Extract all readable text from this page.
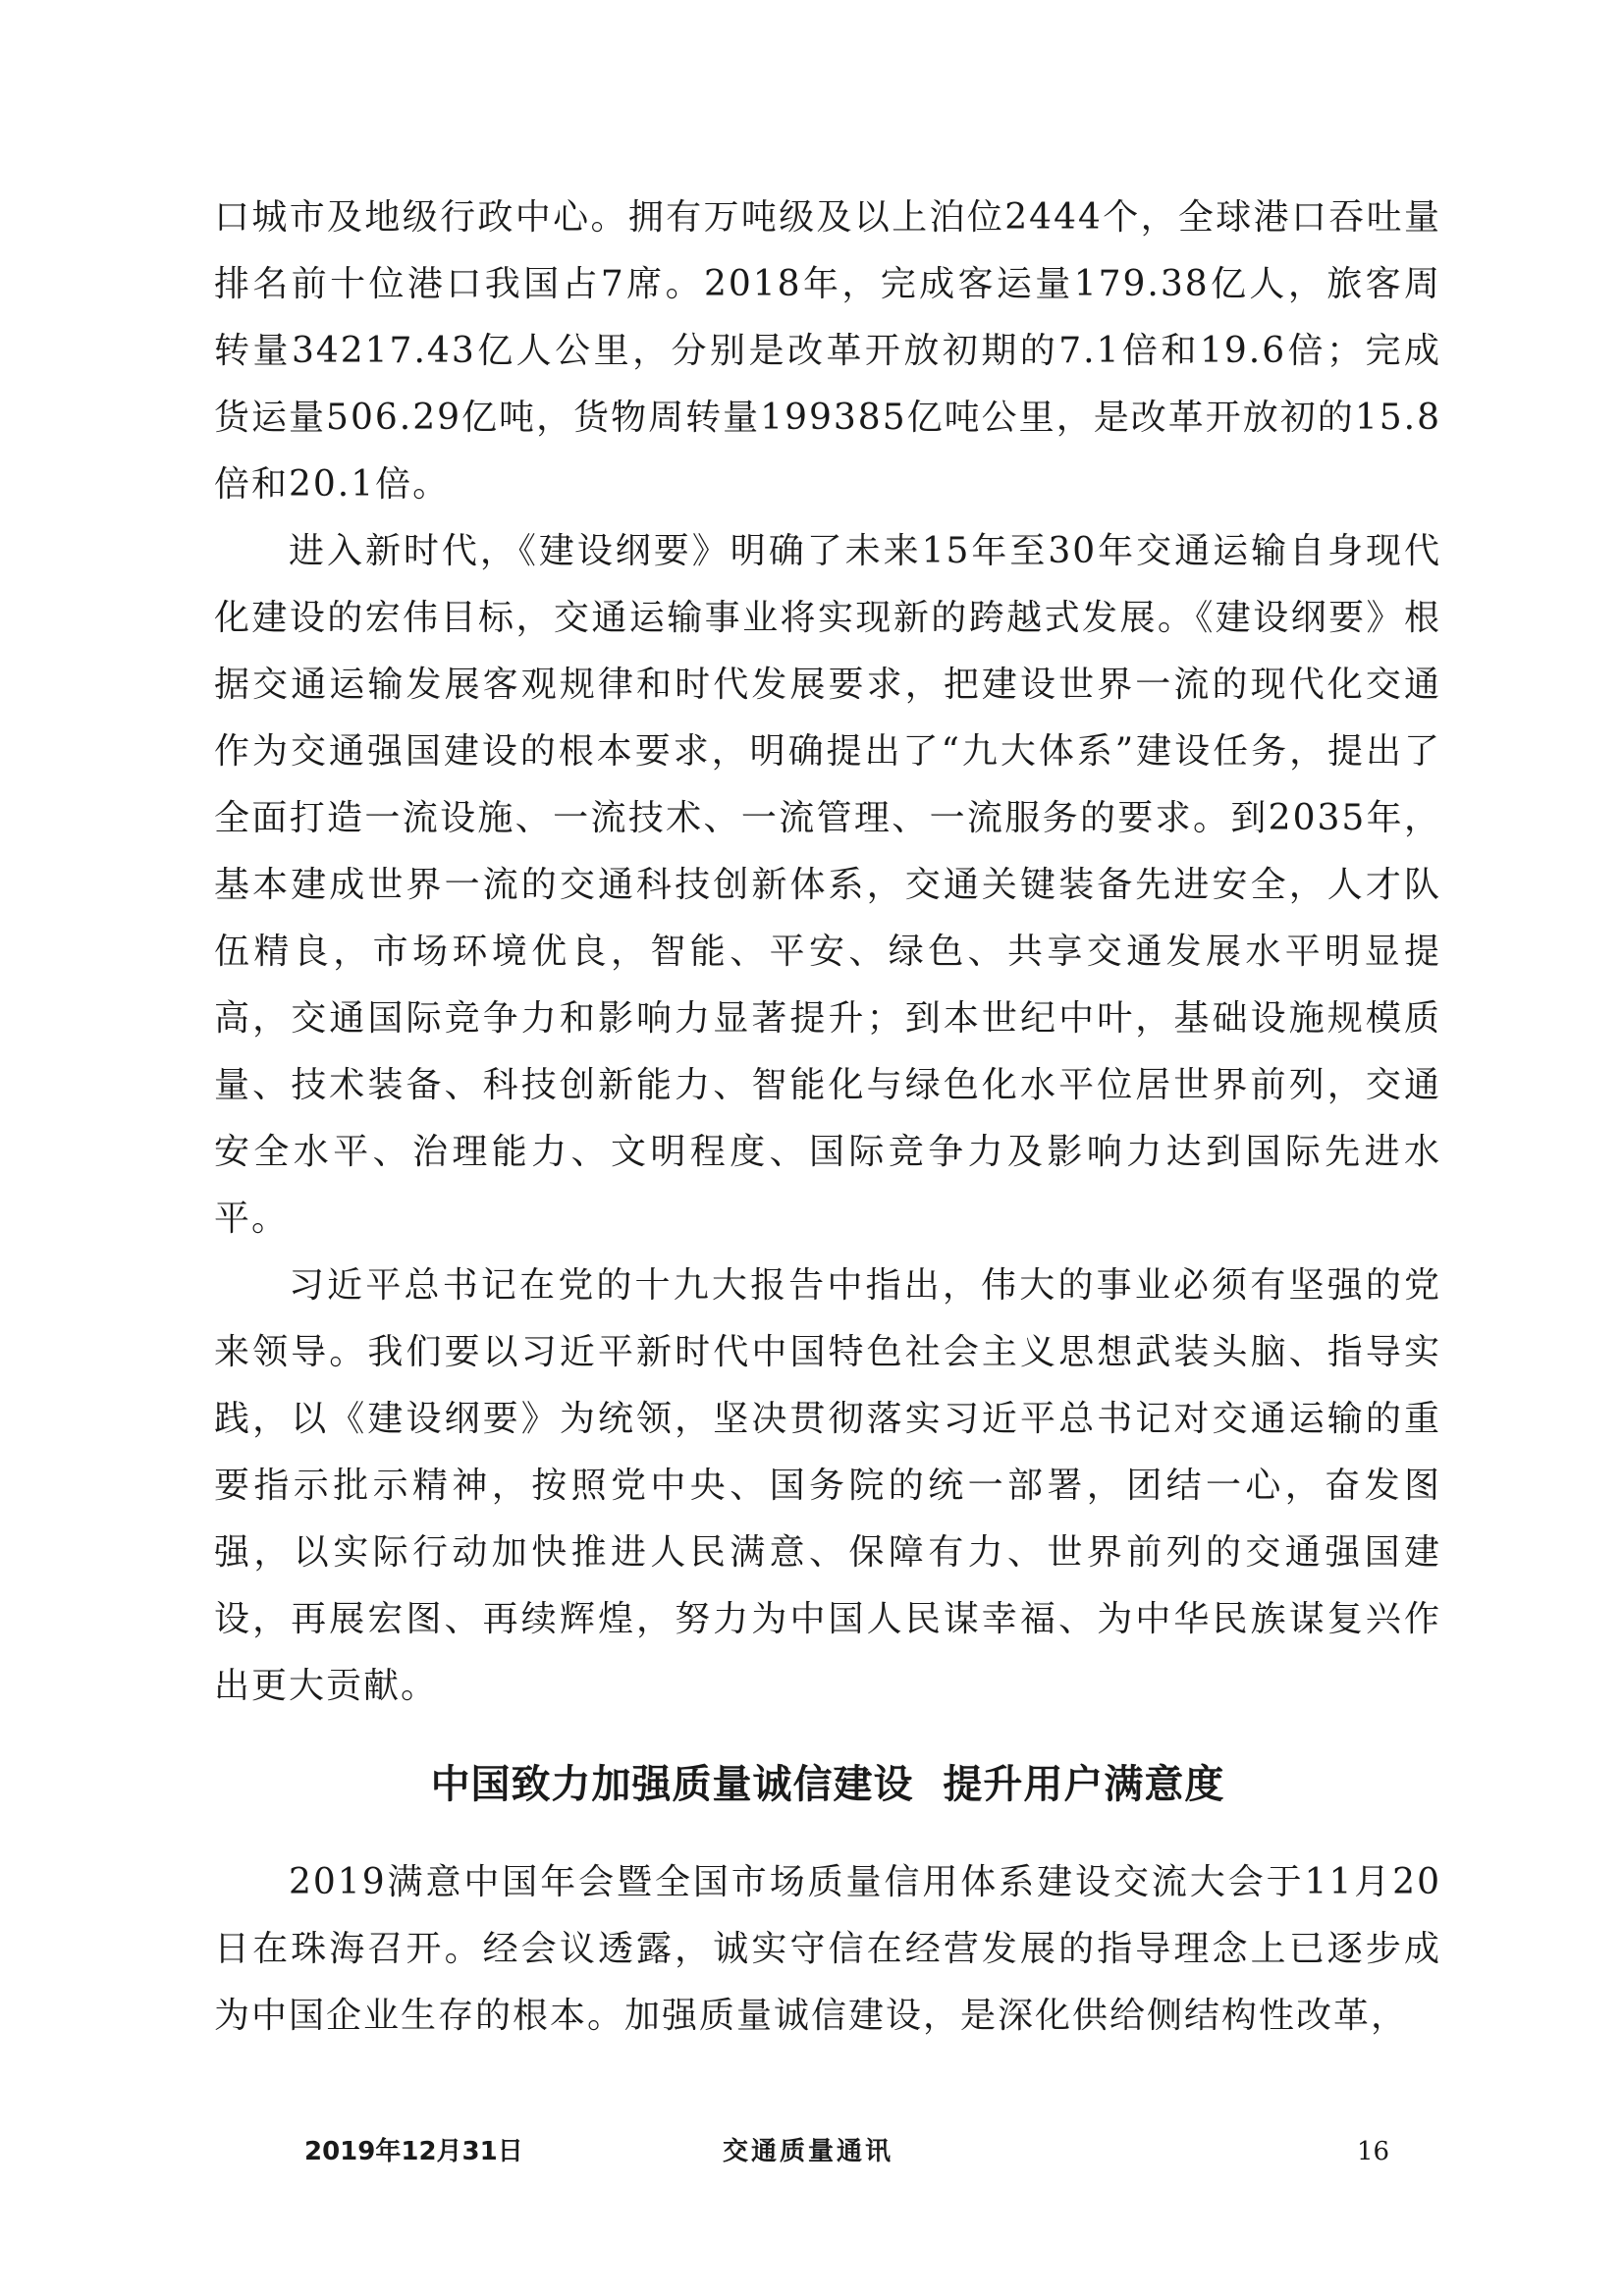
口城市及地级行政中心。拥有万吨级及以上泊位2444个，全球港口吞吐量排名前十位港口我国占7席。2018年，完成客运量179.38亿人，旅客周转量34217.43亿人公里，分别是改革开放初期的7.1倍和19.6倍；完成货运量506.29亿吨，货物周转量199385亿吨公里，是改革开放初的15.8倍和20.1倍。

进入新时代，《建设纲要》明确了未来15年至30年交通运输自身现代化建设的宏伟目标，交通运输事业将实现新的跨越式发展。《建设纲要》根据交通运输发展客观规律和时代发展要求，把建设世界一流的现代化交通作为交通强国建设的根本要求，明确提出了“九大体系”建设任务，提出了全面打造一流设施、一流技术、一流管理、一流服务的要求。到2035年，基本建成世界一流的交通科技创新体系，交通关键装备先进安全，人才队伍精良，市场环境优良，智能、平安、绿色、共享交通发展水平明显提高，交通国际竞争力和影响力显著提升；到本世纪中叶，基础设施规模质量、技术装备、科技创新能力、智能化与绿色化水平位居世界前列，交通安全水平、治理能力、文明程度、国际竞争力及影响力达到国际先进水平。

习近平总书记在党的十九大报告中指出，伟大的事业必须有坚强的党来领导。我们要以习近平新时代中国特色社会主义思想武装头脑、指导实践，以《建设纲要》为统领，坚决贯彻落实习近平总书记对交通运输的重要指示批示精神，按照党中央、国务院的统一部署，团结一心，奋发图强，以实际行动加快推进人民满意、保障有力、世界前列的交通强国建设，再展宏图、再续辉煌，努力为中国人民谋幸福、为中华民族谋复兴作出更大贡献。

中国致力加强质量诚信建设  提升用户满意度

2019满意中国年会暨全国市场质量信用体系建设交流大会于11月20日在珠海召开。经会议透露，诚实守信在经营发展的指导理念上已逐步成为中国企业生存的根本。加强质量诚信建设，是深化供给侧结构性改革，

2019年12月31日	交通质量通讯	16
